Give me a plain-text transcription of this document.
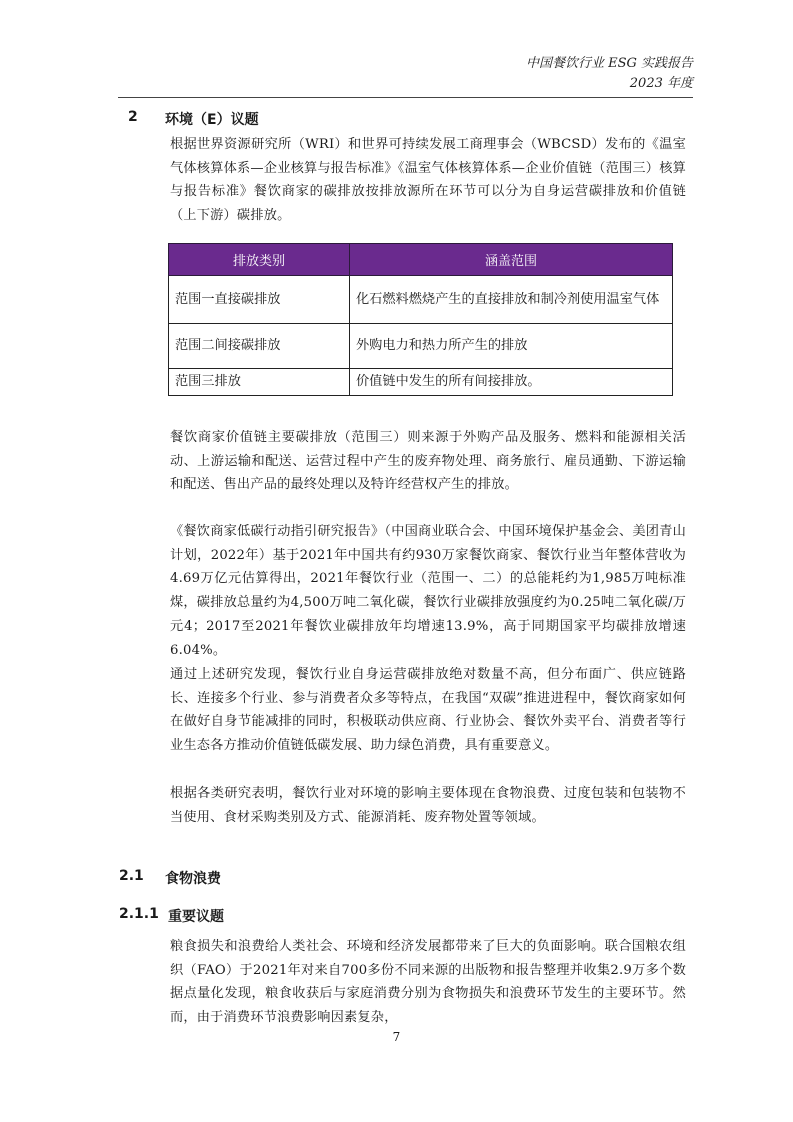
中国餐饮行业 ESG 实践报告
2023 年度
2 环境（E）议题

根据世界资源研究所（WRI）和世界可持续发展工商理事会（WBCSD）发布的《温室气体核算体系—企业核算与报告标准》《温室气体核算体系—企业价值链（范围三）核算与报告标准》餐饮商家的碳排放按排放源所在环节可以分为自身运营碳排放和价值链（上下游）碳排放。

排放类别	涵盖范围
范围一直接碳排放	化石燃料燃烧产生的直接排放和制冷剂使用温室气体
范围二间接碳排放	外购电力和热力所产生的排放
范围三排放	价值链中发生的所有间接排放。

餐饮商家价值链主要碳排放（范围三）则来源于外购产品及服务、燃料和能源相关活动、上游运输和配送、运营过程中产生的废弃物处理、商务旅行、雇员通勤、下游运输和配送、售出产品的最终处理以及特许经营权产生的排放。

《餐饮商家低碳行动指引研究报告》（中国商业联合会、中国环境保护基金会、美团青山计划，2022年）基于2021年中国共有约930万家餐饮商家、餐饮行业当年整体营收为4.69万亿元估算得出，2021年餐饮行业（范围一、二）的总能耗约为1,985万吨标准煤，碳排放总量约为4,500万吨二氧化碳，餐饮行业碳排放强度约为0.25吨二氧化碳/万元4；2017至2021年餐饮业碳排放年均增速13.9%，高于同期国家平均碳排放增速6.04%。

通过上述研究发现，餐饮行业自身运营碳排放绝对数量不高，但分布面广、供应链路长、连接多个行业、参与消费者众多等特点，在我国“双碳”推进进程中，餐饮商家如何在做好自身节能减排的同时，积极联动供应商、行业协会、餐饮外卖平台、消费者等行业生态各方推动价值链低碳发展、助力绿色消费，具有重要意义。

根据各类研究表明，餐饮行业对环境的影响主要体现在食物浪费、过度包装和包装物不当使用、食材采购类别及方式、能源消耗、废弃物处置等领域。

2.1 食物浪费
2.1.1 重要议题

粮食损失和浪费给人类社会、环境和经济发展都带来了巨大的负面影响。联合国粮农组织（FAO）于2021年对来自700多份不同来源的出版物和报告整理并收集2.9万多个数据点量化发现，粮食收获后与家庭消费分别为食物损失和浪费环节发生的主要环节。然而，由于消费环节浪费影响因素复杂，

7
